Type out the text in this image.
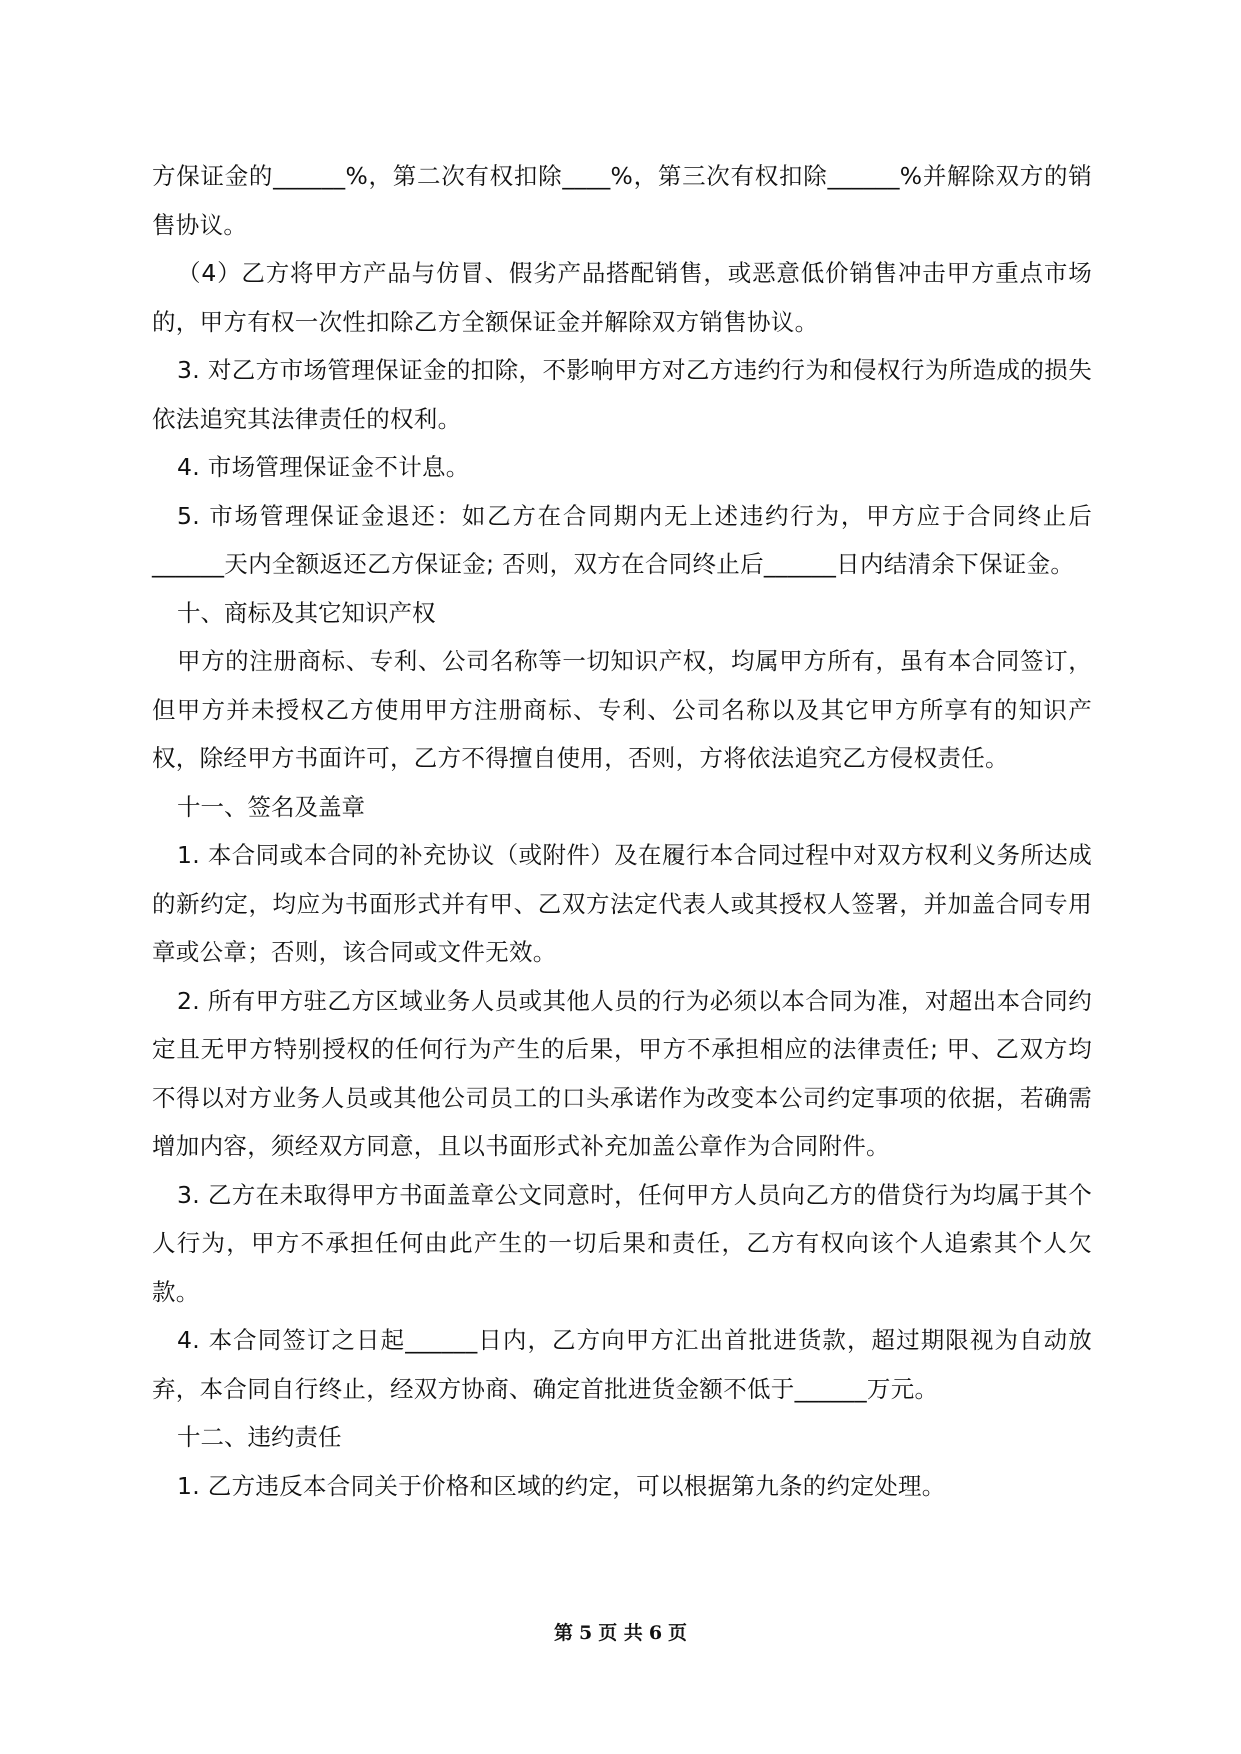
方保证金的______%，第二次有权扣除____%，第三次有权扣除______%并解除双方的销售协议。

（4）乙方将甲方产品与仿冒、假劣产品搭配销售，或恶意低价销售冲击甲方重点市场的，甲方有权一次性扣除乙方全额保证金并解除双方销售协议。

3. 对乙方市场管理保证金的扣除，不影响甲方对乙方违约行为和侵权行为所造成的损失依法追究其法律责任的权利。

4. 市场管理保证金不计息。

5. 市场管理保证金退还：如乙方在合同期内无上述违约行为，甲方应于合同终止后______天内全额返还乙方保证金; 否则，双方在合同终止后______日内结清余下保证金。

十、商标及其它知识产权

甲方的注册商标、专利、公司名称等一切知识产权，均属甲方所有，虽有本合同签订，但甲方并未授权乙方使用甲方注册商标、专利、公司名称以及其它甲方所享有的知识产权，除经甲方书面许可，乙方不得擅自使用，否则，方将依法追究乙方侵权责任。

十一、签名及盖章

1. 本合同或本合同的补充协议（或附件）及在履行本合同过程中对双方权利义务所达成的新约定，均应为书面形式并有甲、乙双方法定代表人或其授权人签署，并加盖合同专用章或公章；否则，该合同或文件无效。

2. 所有甲方驻乙方区域业务人员或其他人员的行为必须以本合同为准，对超出本合同约定且无甲方特别授权的任何行为产生的后果，甲方不承担相应的法律责任; 甲、乙双方均不得以对方业务人员或其他公司员工的口头承诺作为改变本公司约定事项的依据，若确需增加内容，须经双方同意，且以书面形式补充加盖公章作为合同附件。

3. 乙方在未取得甲方书面盖章公文同意时，任何甲方人员向乙方的借贷行为均属于其个人行为，甲方不承担任何由此产生的一切后果和责任，乙方有权向该个人追索其个人欠款。

4. 本合同签订之日起______日内，乙方向甲方汇出首批进货款，超过期限视为自动放弃，本合同自行终止，经双方协商、确定首批进货金额不低于______万元。

十二、违约责任

1. 乙方违反本合同关于价格和区域的约定，可以根据第九条的约定处理。

第 5 页 共 6 页
